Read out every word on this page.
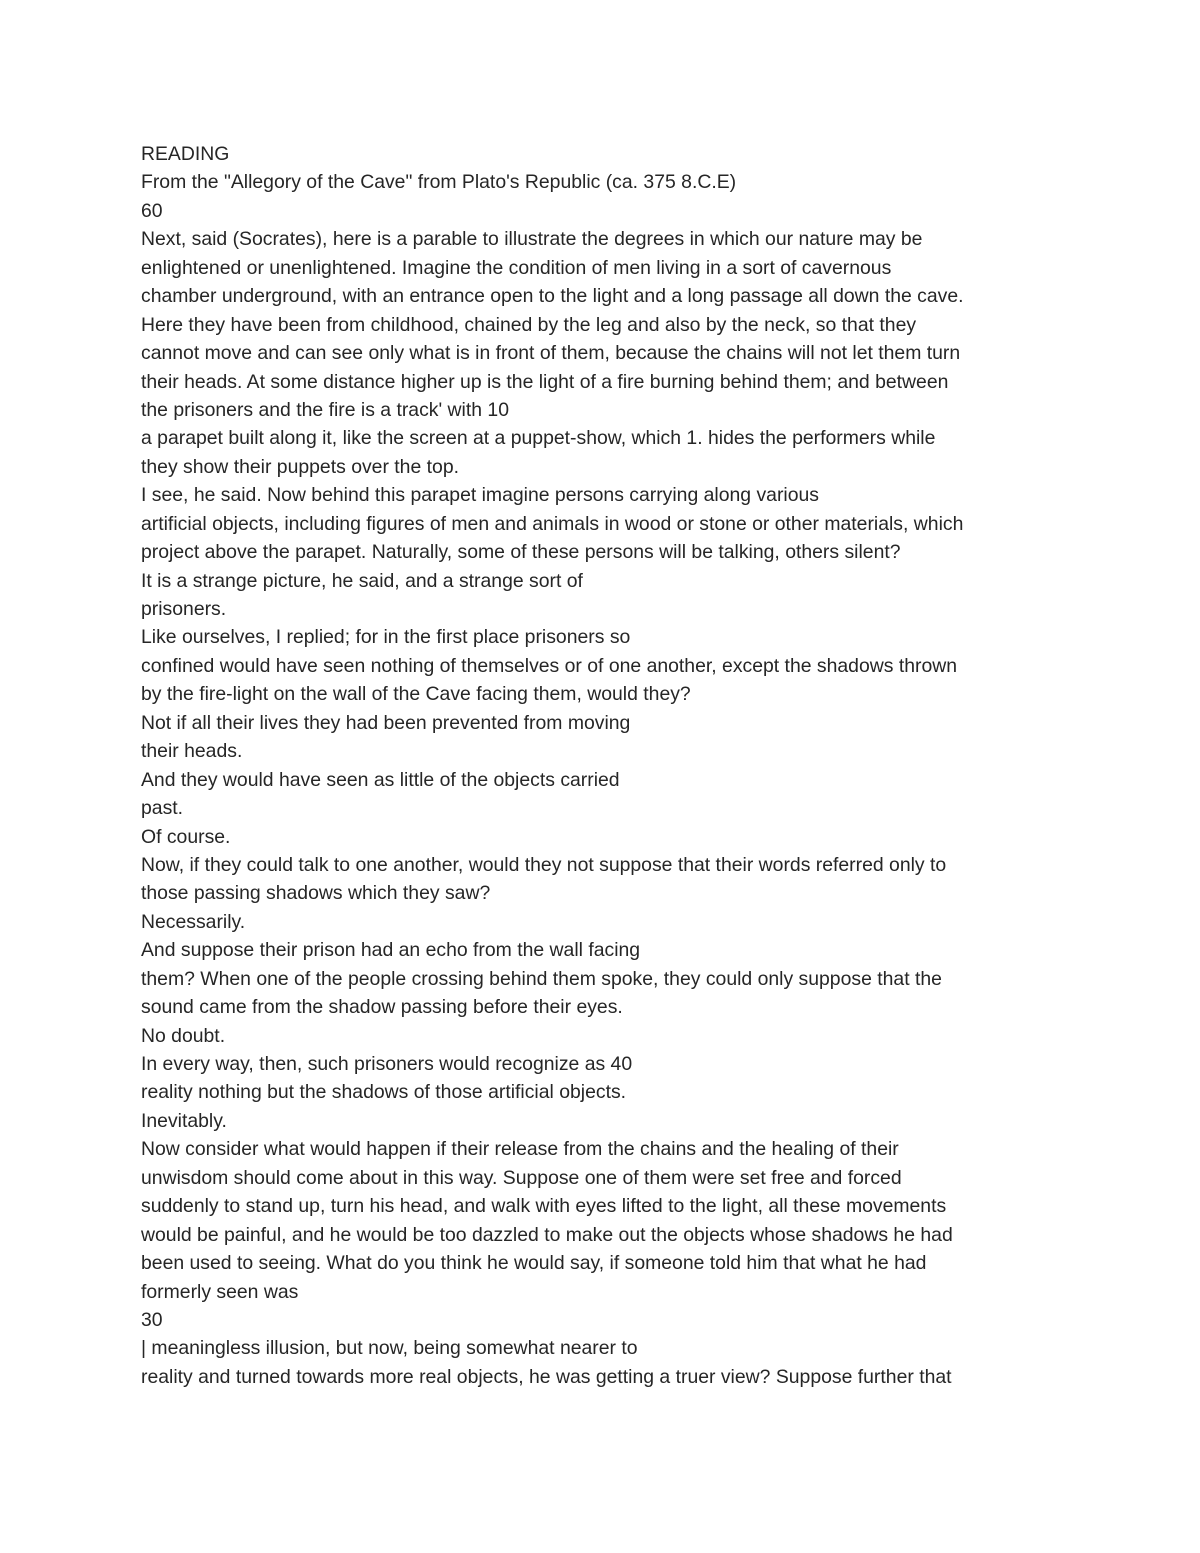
READING
From the "Allegory of the Cave" from Plato's Republic (ca. 375 8.C.E)
60
Next, said (Socrates), here is a parable to illustrate the degrees in which our nature may be
enlightened or unenlightened. Imagine the condition of men living in a sort of cavernous
chamber underground, with an entrance open to the light and a long passage all down the cave.
Here they have been from childhood, chained by the leg and also by the neck, so that they
cannot move and can see only what is in front of them, because the chains will not let them turn
their heads. At some distance higher up is the light of a fire burning behind them; and between
the prisoners and the fire is a track' with 10
a parapet built along it, like the screen at a puppet-show, which 1. hides the performers while
they show their puppets over the top.
I see, he said. Now behind this parapet imagine persons carrying along various
artificial objects, including figures of men and animals in wood or stone or other materials, which
project above the parapet. Naturally, some of these persons will be talking, others silent?
It is a strange picture, he said, and a strange sort of
prisoners.
Like ourselves, I replied; for in the first place prisoners so
confined would have seen nothing of themselves or of one another, except the shadows thrown
by the fire-light on the wall of the Cave facing them, would they?
Not if all their lives they had been prevented from moving
their heads.
And they would have seen as little of the objects carried
past.
Of course.
Now, if they could talk to one another, would they not suppose that their words referred only to
those passing shadows which they saw?
Necessarily.
And suppose their prison had an echo from the wall facing
them? When one of the people crossing behind them spoke, they could only suppose that the
sound came from the shadow passing before their eyes.
No doubt.
In every way, then, such prisoners would recognize as 40
reality nothing but the shadows of those artificial objects.
Inevitably.
Now consider what would happen if their release from the chains and the healing of their
unwisdom should come about in this way. Suppose one of them were set free and forced
suddenly to stand up, turn his head, and walk with eyes lifted to the light, all these movements
would be painful, and he would be too dazzled to make out the objects whose shadows he had
been used to seeing. What do you think he would say, if someone told him that what he had
formerly seen was
30
| meaningless illusion, but now, being somewhat nearer to
reality and turned towards more real objects, he was getting a truer view? Suppose further that
